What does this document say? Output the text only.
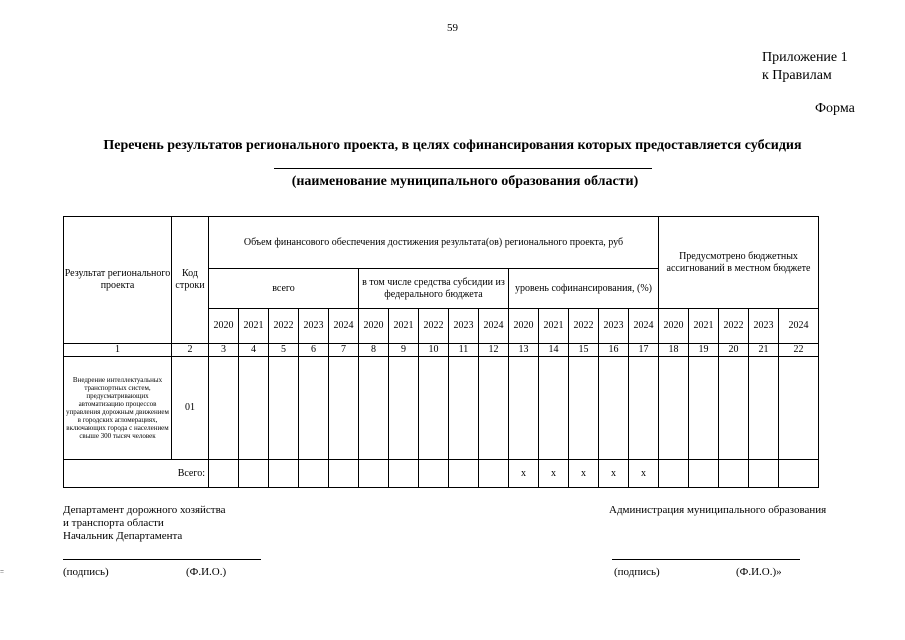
59
Приложение 1
к Правилам
Форма
Перечень результатов регионального проекта, в целях софинансирования которых предоставляется субсидия
(наименование муниципального образования области)
Результат регионального проекта	Код строки	Объем финансового обеспечения достижения результата(ов) регионального проекта, руб															Предусмотрено бюджетных ассигнований в местном бюджете				
		всего					в том числе средства субсидии из федерального бюджета					уровень софинансирования, (%)									
		2020	2021	2022	2023	2024	2020	2021	2022	2023	2024	2020	2021	2022	2023	2024	2020	2021	2022	2023	2024
1	2	3	4	5	6	7	8	9	10	11	12	13	14	15	16	17	18	19	20	21	22
Внедрение интеллектуальных транспортных систем, предусматривающих автоматизацию процессов управления дорожным движением в городских агломерациях, включающих города с населением свыше 300 тысяч человек	01																				
Всего:												x	x	x	x	x					
Департамент дорожного хозяйства
и транспорта области
Начальник Департамента
Администрация муниципального образования
(подпись)	(Ф.И.О.)	(подпись)	(Ф.И.О.)»
=
